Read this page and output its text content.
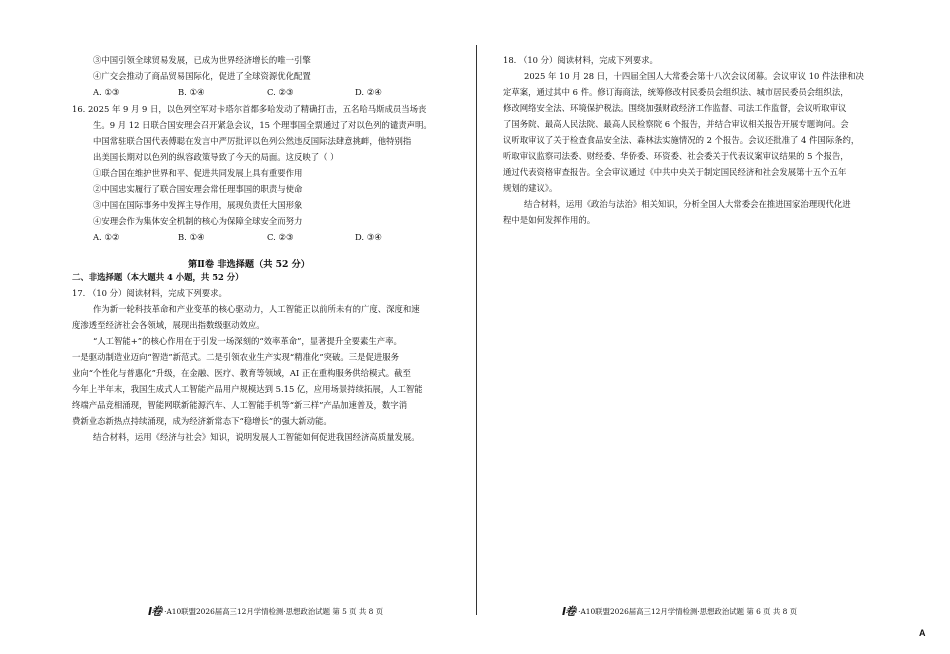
③中国引领全球贸易发展，已成为世界经济增长的唯一引擎
④广交会推动了商品贸易国际化，促进了全球资源优化配置
A. ①③	B. ①④	C. ②③	D. ②④
16. 2025 年 9 月 9 日，以色列空军对卡塔尔首都多哈发动了精确打击，五名哈马斯成员当场丧
生。9 月 12 日联合国安理会召开紧急会议，15 个理事国全票通过了对以色列的谴责声明。
中国常驻联合国代表傅聪在发言中严厉批评以色列公然违反国际法肆意挑衅，他特别指
出美国长期对以色列的纵容政策导致了今天的局面。这反映了（ ）
①联合国在维护世界和平、促进共同发展上具有重要作用
②中国忠实履行了联合国安理会常任理事国的职责与使命
③中国在国际事务中发挥主导作用，展现负责任大国形象
④安理会作为集体安全机制的核心为保障全球安全而努力
A. ①②	B. ①④	C. ②③	D. ③④
第Ⅱ卷 非选择题（共 52 分）
二、非选择题（本大题共 4 小题，共 52 分）
17. （10 分）阅读材料，完成下列要求。
作为新一轮科技革命和产业变革的核心驱动力，人工智能正以前所未有的广度、深度和速
度渗透至经济社会各领域，展现出指数级驱动效应。
“人工智能+”的核心作用在于引发一场深刻的“效率革命”，显著提升全要素生产率。
一是驱动制造业迈向“智造”新范式。二是引领农业生产实现“精准化”突破。三是促进服务
业向“个性化与普惠化”升级，在金融、医疗、教育等领域，AI 正在重构服务供给模式。截至
今年上半年末，我国生成式人工智能产品用户规模达到 5.15 亿，应用场景持续拓展，人工智能
终端产品竞相涌现，智能网联新能源汽车、人工智能手机等“新三样”产品加速普及，数字消
费新业态新热点持续涌现，成为经济新常态下“稳增长”的强大新动能。
结合材料，运用《经济与社会》知识，说明发展人工智能如何促进我国经济高质量发展。
I卷 ·A10联盟2026届高三12月学情检测·思想政治试题 第 5 页 共 8 页
18. （10 分）阅读材料，完成下列要求。
2025 年 10 月 28 日，十四届全国人大常委会第十八次会议闭幕。会议审议 10 件法律和决
定草案，通过其中 6 件。修订海商法，统筹修改村民委员会组织法、城市居民委员会组织法，
修改网络安全法、环境保护税法。围绕加强财政经济工作监督、司法工作监督，会议听取审议
了国务院、最高人民法院、最高人民检察院 6 个报告，并结合审议相关报告开展专题询问。会
议听取审议了关于检查食品安全法、森林法实施情况的 2 个报告。会议还批准了 4 件国际条约，
听取审议监察司法委、财经委、华侨委、环资委、社会委关于代表议案审议结果的 5 个报告，
通过代表资格审查报告。全会审议通过《中共中央关于制定国民经济和社会发展第十五个五年
规划的建议》。
结合材料，运用《政治与法治》相关知识，分析全国人大常委会在推进国家治理现代化进
程中是如何发挥作用的。
I卷 ·A10联盟2026届高三12月学情检测·思想政治试题 第 6 页 共 8 页
A
